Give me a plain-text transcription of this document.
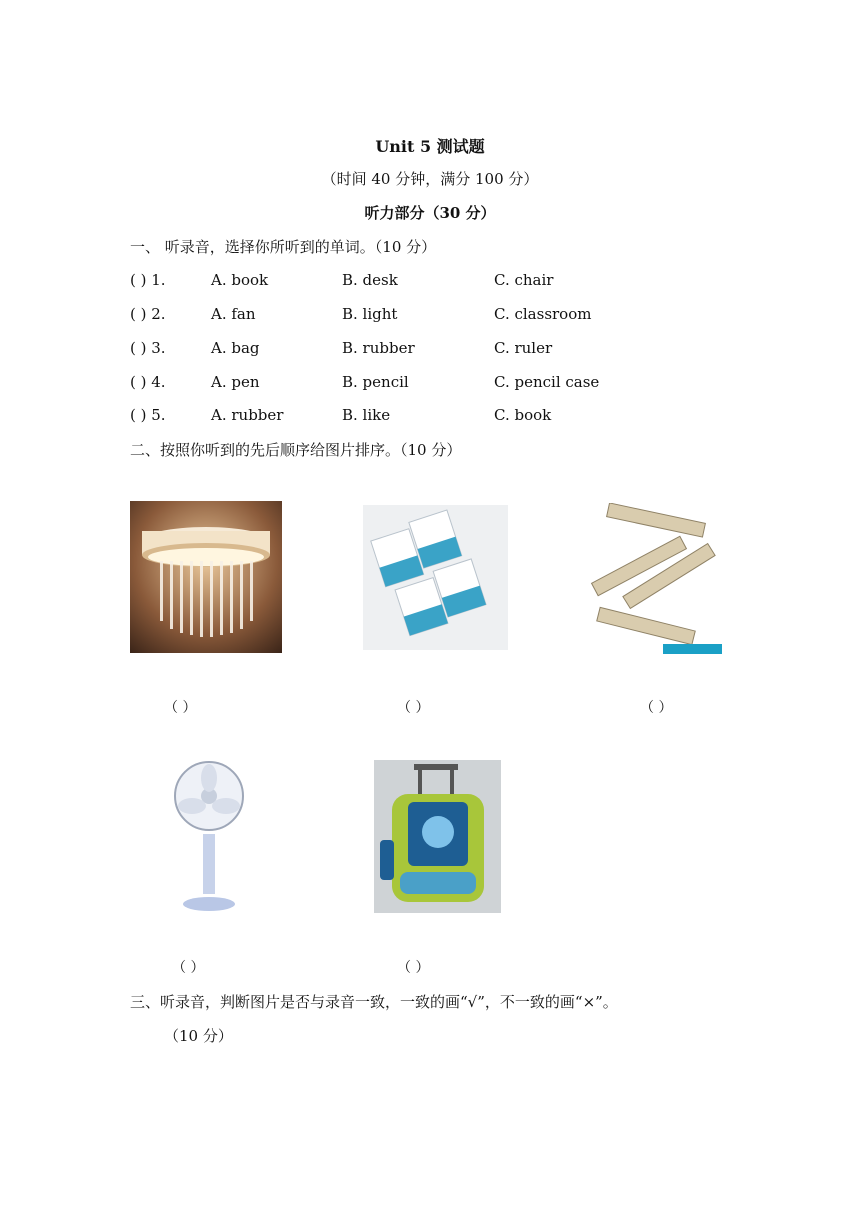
Unit 5 测试题
（时间 40 分钟，满分 100 分）
听力部分（30 分）
一、 听录音，选择你所听到的单词。（10 分）
( ) 1.	A. book	B. desk	C. chair
( ) 2.	A. fan	B. light	C. classroom
( ) 3.	A. bag	B. rubber	C. ruler
( ) 4.	A. pen	B. pencil	C. pencil case
( ) 5.	A. rubber	B. like	C. book
二、按照你听到的先后顺序给图片排序。（10 分）
（ ）	（ ）	（ ）
（ ）	（ ）
三、听录音，判断图片是否与录音一致，一致的画“√”，不一致的画“×”。
（10 分）
